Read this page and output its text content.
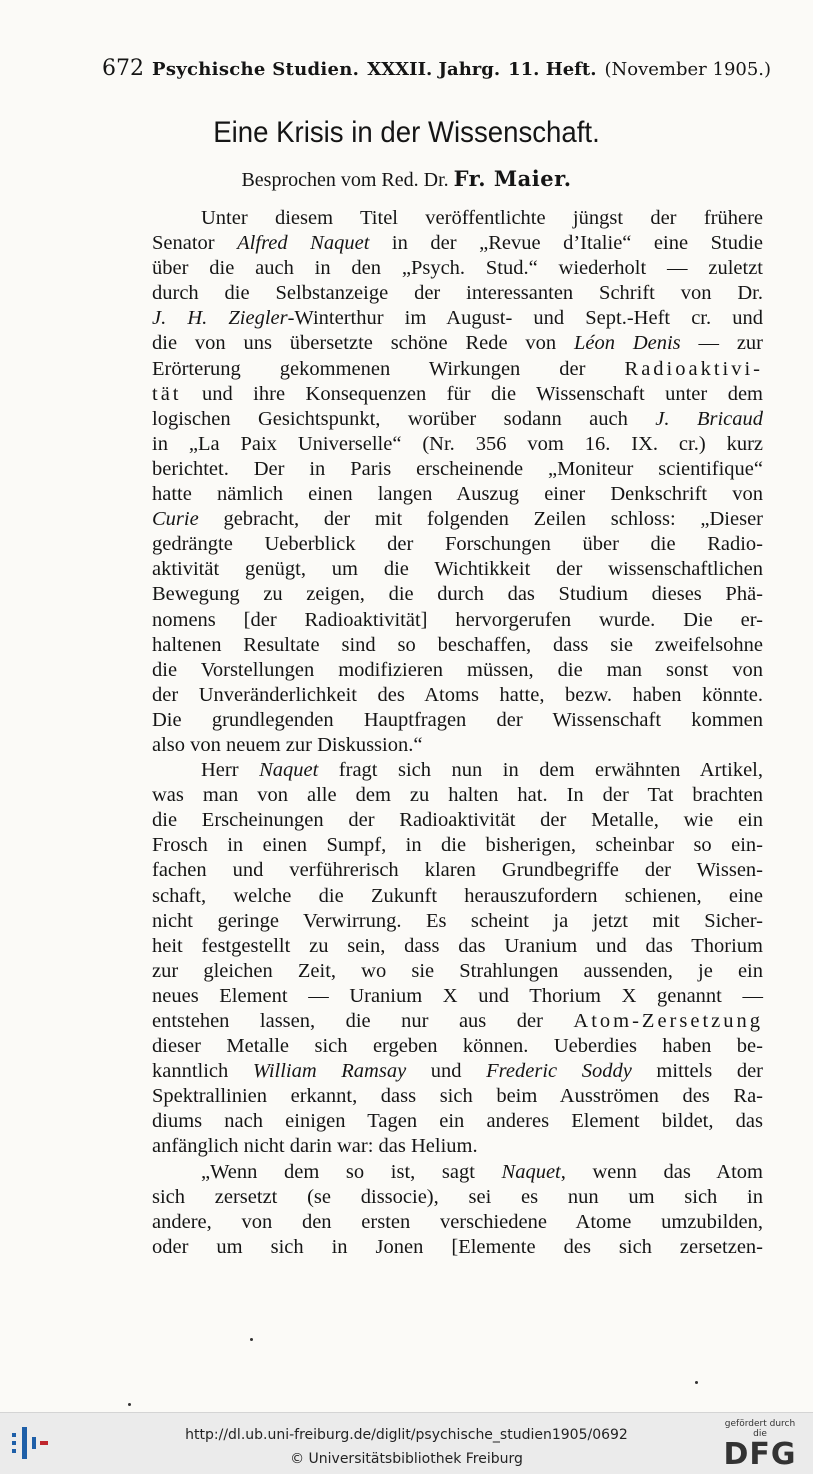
672 Psychische Studien. XXXII. Jahrg. 11. Heft. (November 1905.)
Eine Krisis in der Wissenschaft.
Besprochen vom Red. Dr. Fr. Maier.

Unter diesem Titel veröffentlichte jüngst der frühere
Senator Alfred Naquet in der „Revue d’Italie“ eine Studie
über die auch in den „Psych. Stud.“ wiederholt — zuletzt
durch die Selbstanzeige der interessanten Schrift von Dr.
J. H. Ziegler-Winterthur im August- und Sept.-Heft cr. und
die von uns übersetzte schöne Rede von Léon Denis — zur
Erörterung gekommenen Wirkungen der Radioaktivi-
tät und ihre Konsequenzen für die Wissenschaft unter dem
logischen Gesichtspunkt, worüber sodann auch J. Bricaud
in „La Paix Universelle“ (Nr. 356 vom 16. IX. cr.) kurz
berichtet. Der in Paris erscheinende „Moniteur scientifique“
hatte nämlich einen langen Auszug einer Denkschrift von
Curie gebracht, der mit folgenden Zeilen schloss: „Dieser
gedrängte Ueberblick der Forschungen über die Radio-
aktivität genügt, um die Wichtikkeit der wissenschaftlichen
Bewegung zu zeigen, die durch das Studium dieses Phä-
nomens [der Radioaktivität] hervorgerufen wurde. Die er-
haltenen Resultate sind so beschaffen, dass sie zweifelsohne
die Vorstellungen modifizieren müssen, die man sonst von
der Unveränderlichkeit des Atoms hatte, bezw. haben könnte.
Die grundlegenden Hauptfragen der Wissenschaft kommen
also von neuem zur Diskussion.“

Herr Naquet fragt sich nun in dem erwähnten Artikel,
was man von alle dem zu halten hat. In der Tat brachten
die Erscheinungen der Radioaktivität der Metalle, wie ein
Frosch in einen Sumpf, in die bisherigen, scheinbar so ein-
fachen und verführerisch klaren Grundbegriffe der Wissen-
schaft, welche die Zukunft herauszufordern schienen, eine
nicht geringe Verwirrung. Es scheint ja jetzt mit Sicher-
heit festgestellt zu sein, dass das Uranium und das Thorium
zur gleichen Zeit, wo sie Strahlungen aussenden, je ein
neues Element — Uranium X und Thorium X genannt —
entstehen lassen, die nur aus der Atom-Zersetzung
dieser Metalle sich ergeben können. Ueberdies haben be-
kanntlich William Ramsay und Frederic Soddy mittels der
Spektrallinien erkannt, dass sich beim Ausströmen des Ra-
diums nach einigen Tagen ein anderes Element bildet, das
anfänglich nicht darin war: das Helium.

„Wenn dem so ist, sagt Naquet, wenn das Atom
sich zersetzt (se dissocie), sei es nun um sich in
andere, von den ersten verschiedene Atome umzubilden,
oder um sich in Jonen [Elemente des sich zersetzen-

http://dl.ub.uni-freiburg.de/diglit/psychische_studien1905/0692
© Universitätsbibliothek Freiburg
gefördert durch die
DFG
